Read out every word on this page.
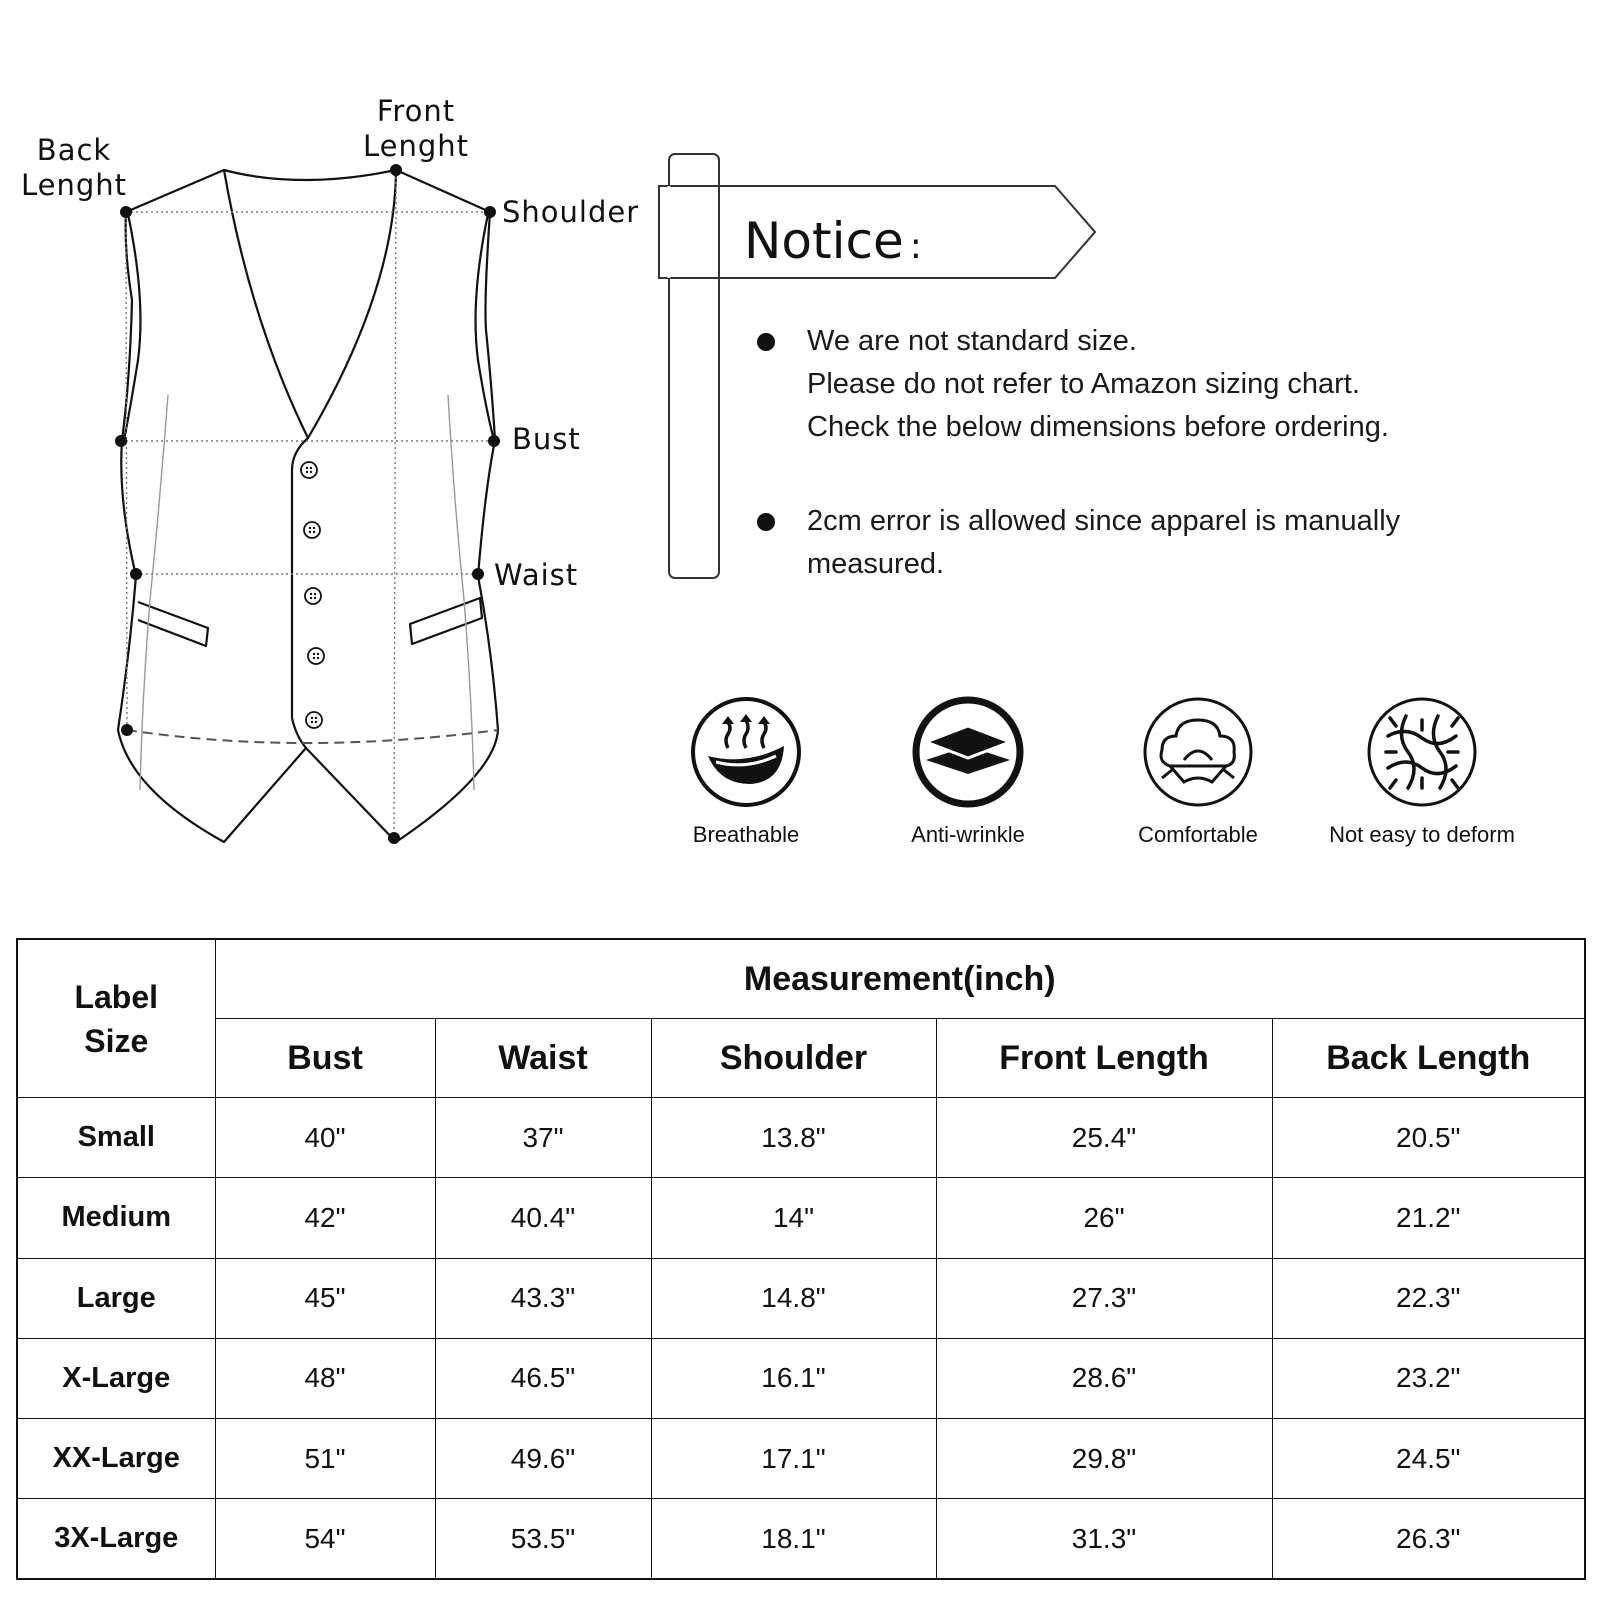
Back
Lenght
Front
Lenght
Shoulder
Bust
Waist
Notice :
We are not standard size.
Please do not refer to Amazon sizing chart.
Check the below dimensions before ordering.
2cm error is allowed since apparel is manually
measured.
Breathable	Anti-wrinkle	Comfortable	Not easy to deform
Label
Size	Measurement(inch)				
	Bust	Waist	Shoulder	Front Length	Back Length
Small	40"	37"	13.8"	25.4"	20.5"
Medium	42"	40.4"	14"	26"	21.2"
Large	45"	43.3"	14.8"	27.3"	22.3"
X-Large	48"	46.5"	16.1"	28.6"	23.2"
XX-Large	51"	49.6"	17.1"	29.8"	24.5"
3X-Large	54"	53.5"	18.1"	31.3"	26.3"
